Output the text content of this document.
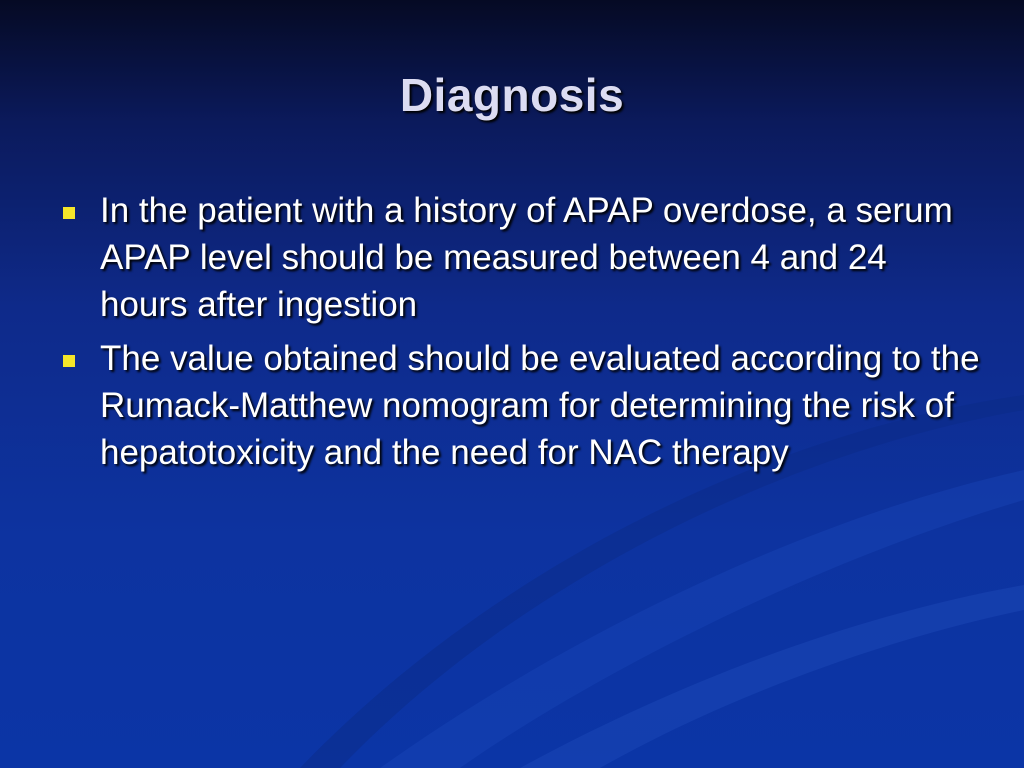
Diagnosis
In the patient with a history of APAP overdose, a serum APAP level should be measured between 4 and 24 hours after ingestion
The value obtained should be evaluated according to the Rumack-Matthew nomogram for determining the risk of hepatotoxicity and the need for NAC therapy
